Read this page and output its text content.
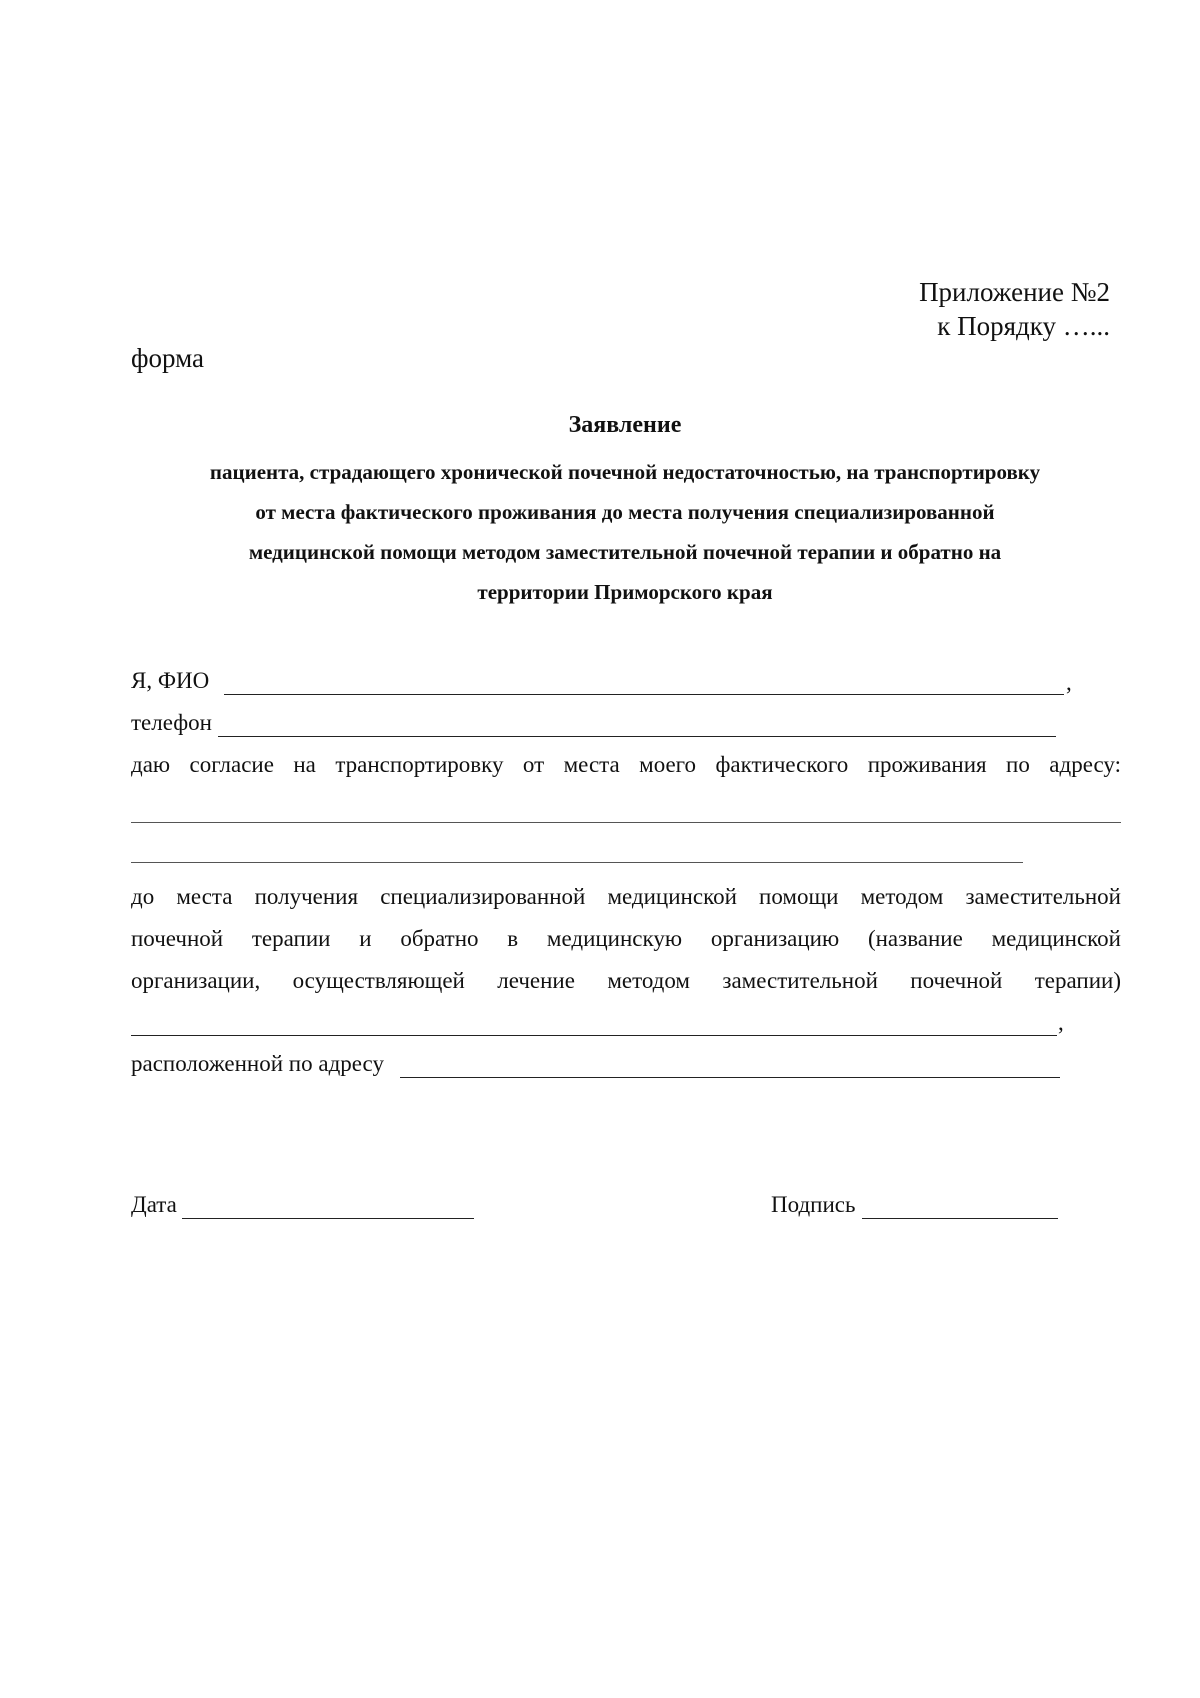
Приложение №2
к Порядку …...
форма
Заявление
пациента, страдающего хронической почечной недостаточностью, на транспортировку
от места фактического проживания до места получения специализированной
медицинской помощи методом заместительной почечной терапии и обратно на
территории Приморского края
Я, ФИО	,
телефон
даю согласие на транспортировку от места моего фактического проживания по адресу:
до места получения специализированной медицинской помощи методом заместительной
почечной терапии и обратно в медицинскую организацию (название медицинской
организации, осуществляющей лечение методом заместительной почечной терапии)
,
расположенной по адресу
Дата	Подпись
